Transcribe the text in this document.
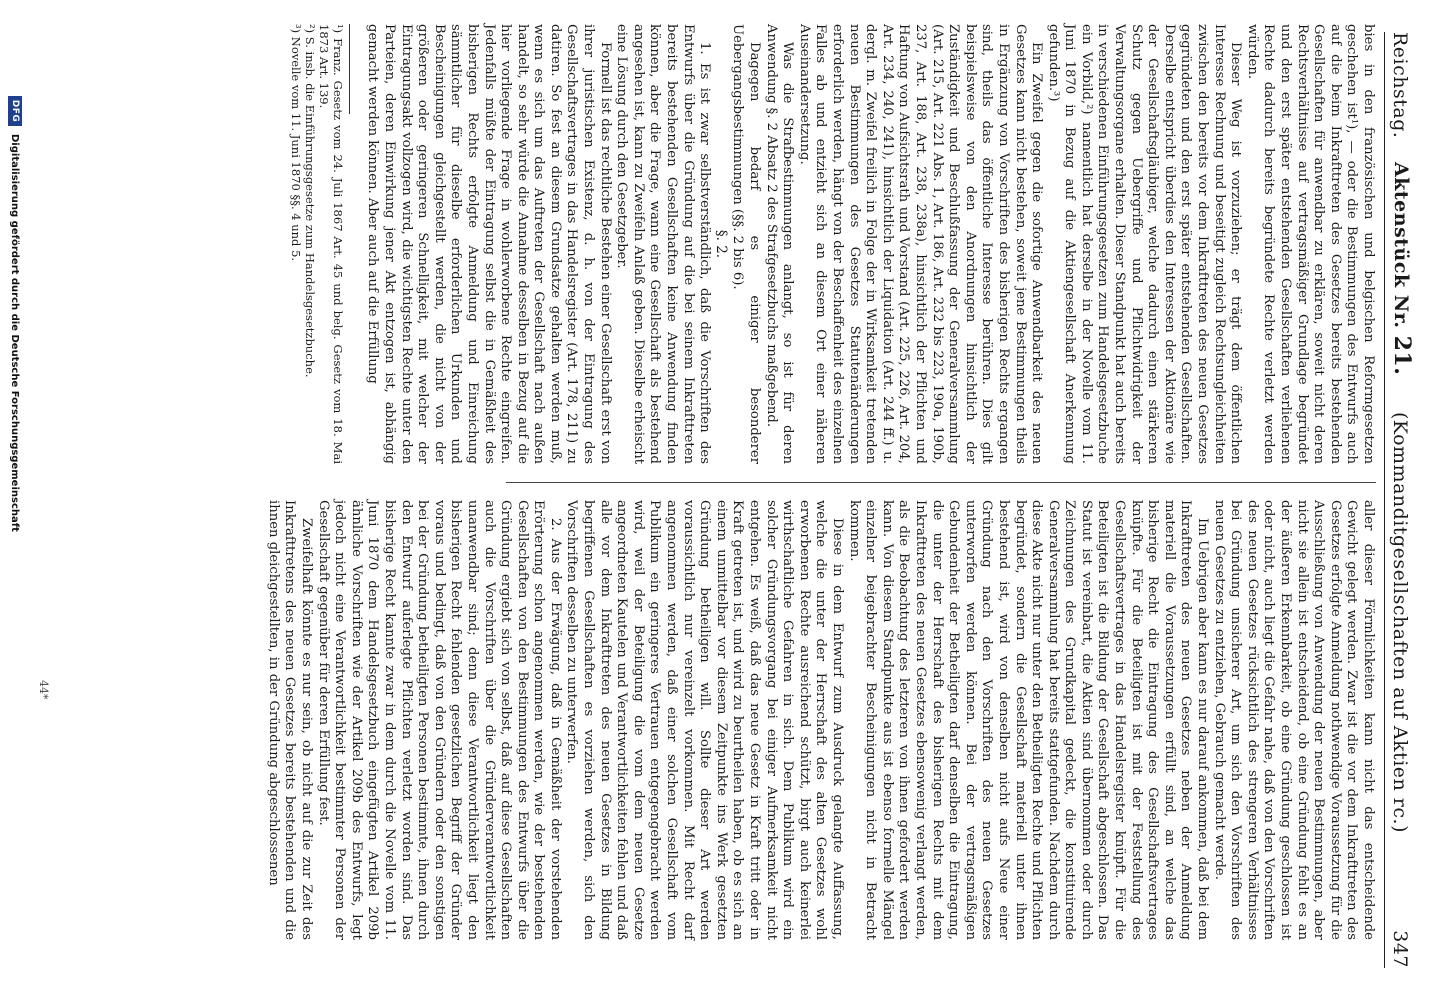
Reichstag.
Aktenstück Nr. 21.
(Kommanditgesellschaften auf Aktien rc.)
347

bies in den französischen und belgischen Reformgesetzen geschehen ist¹), — oder die Bestimmungen des Entwurfs auch auf die beim Inkrafttreten des Gesetzes bereits bestehenden Gesellschaften für anwendbar zu erklären, soweit nicht deren Rechtsverhältnisse auf vertragsmäßiger Grundlage begründet und den erst später entstehenden Gesellschaften verliehenen Rechte dadurch bereits begründete Rechte verletzt werden würden.

Dieser Weg ist vorzuziehen; er trägt dem öffentlichen Interesse Rechnung und beseitigt zugleich Rechtsungleichheiten zwischen den bereits vor dem Inkrafttreten des neuen Gesetzes gegründeten und den erst später entstehenden Gesellschaften. Derselbe entspricht überdies den Interessen der Aktionäre wie der Gesellschaftsgläubiger, welche dadurch einen stärkeren Schutz gegen Uebergriffe und Pflichtwidrigkeit der Verwaltungsorgane erhalten. Dieser Standpunkt hat auch bereits in verschiedenen Einführungsgesetzen zum Handelsgesetzbuche ein Vorbild,²) namentlich hat derselbe in der Novelle vom 11. Juni 1870 in Bezug auf die Aktiengesellschaft Anerkennung gefunden.³)

Ein Zweifel gegen die sofortige Anwendbarkeit des neuen Gesetzes kann nicht bestehen, soweit jene Bestimmungen theils in Ergänzung von Vorschriften des bisherigen Rechts ergangen sind, theils das öffentliche Interesse berühren. Dies gilt beispielsweise von den Anordnungen hinsichtlich der Zuständigkeit und Beschlußfassung der Generalversammlung (Art. 215, Art. 221 Abs. 1, Art. 186, Art. 232 bis 223, 190a, 190b, 237, Art. 188, Art. 238, 238a), hinsichtlich der Pflichten und Haftung von Aufsichtsrath und Vorstand (Art. 225, 226, Art. 204, Art. 234, 240, 241), hinsichtlich der Liquidation (Art. 244 ff.) u. dergl. m. Zweifel freilich in Folge der in Wirksamkeit tretenden neuen Bestimmungen des Gesetzes Statutenänderungen erforderlich werden, hängt von der Beschaffenheit des einzelnen Falles ab und entzieht sich an diesem Ort einer näheren Auseinandersetzung.

Was die Strafbestimmungen anlangt, so ist für deren Anwendung §. 2 Absatz 2 des Strafgesetzbuchs maßgebend.

Dagegen bedarf es einiger besonderer Uebergangsbestimmungen (§§. 2 bis 6).

§. 2.

1. Es ist zwar selbstverständlich, daß die Vorschriften des Entwurfs über die Gründung auf die bei seinem Inkrafttreten bereits bestehenden Gesellschaften keine Anwendung finden können, aber die Frage, wann eine Gesellschaft als bestehend angesehen ist, kann zu Zweifeln Anlaß geben. Dieselbe erheischt eine Lösung durch den Gesetzgeber.

Formell ist das rechtliche Bestehen einer Gesellschaft erst von ihrer juristischen Existenz, d. h. von der Eintragung des Gesellschaftsvertrages in das Handelsregister (Art. 178, 211) zu datiren. So fest an diesem Grundsatze gehalten werden muß, wenn es sich um das Auftreten der Gesellschaft nach außen handelt, so sehr würde die Annahme desselben in Bezug auf die hier vorliegende Frage in wohlerworbene Rechte eingreifen. Jedenfalls müßte der Eintragung selbst die in Gemäßheit des bisherigen Rechts erfolgte Anmeldung und Einreichung sämmtlicher für dieselbe erforderlichen Urkunden und Bescheinigungen gleichgestellt werden, die nicht von der größeren oder geringeren Schnelligkeit, mit welcher der Eintragungsakt vollzogen wird, die wichtigsten Rechte unter den Parteien, deren Einwirkung jener Akt entzogen ist, abhängig gemacht werden können. Aber auch auf die Erfüllung

¹) Franz. Gesetz vom 24. Juli 1867 Art. 45 und belg. Gesetz vom 18. Mai 1873 Art. 139.

²) S. insb. die Einführungsgesetze zum Handelsgesetzbuche.

³) Novelle vom 11. Juni 1870 §§. 4 und 5.

aller dieser Förmlichkeiten kann nicht das entscheidende Gewicht gelegt werden. Zwar ist die vor dem Inkrafttreten des Gesetzes erfolgte Anmeldung nothwendige Voraussetzung für die Ausschließung von Anwendung der neuen Bestimmungen, aber nicht sie allein ist entscheidend, ob eine Gründung fehlt es an der äußeren Erkennbarkeit, ob eine Gründung geschlossen ist oder nicht, auch liegt die Gefahr nahe, daß von den Vorschriften des neuen Gesetzes rücksichtlich des strengeren Verhältnisses bei Gründung unsicherer Art, um sich den Vorschriften des neuen Gesetzes zu entziehen, Gebrauch gemacht werde.

Im Uebrigen aber kann es nur darauf ankommen, daß bei dem Inkrafttreten des neuen Gesetzes neben der Anmeldung materiell die Voraussetzungen erfüllt sind, an welche das bisherige Recht die Eintragung des Gesellschaftsvertrages knüpfte. Für die Beteiligten ist mit der Feststellung des Gesellschaftsvertrages in das Handelsregister knüpft. Für die Beteiligten ist die Bildung der Gesellschaft abgeschlossen. Das Statut ist vereinbart, die Aktien sind übernommen oder durch Zeichnungen des Grundkapital gedeckt, die konstituirende Generalversammlung hat bereits stattgefunden. Nachdem durch diese Akte nicht nur unter den Betheiligten Rechte und Pflichten begründet, sondern die Gesellschaft materiell unter ihnen bestehend ist, wird von denselben nicht aufs Neue einer Gründung nach den Vorschriften des neuen Gesetzes unterworfen werden können. Bei der vertragsmäßigen Gebundenheit der Betheiligten darf denselben die Eintragung, die unter der Herrschaft des bisherigen Rechts mit dem Inkrafttreten des neuen Gesetzes ebensowenig verlangt werden, als die Beobachtung des letzteren von ihnen gefordert werden kann. Von diesem Standpunkte aus ist ebenso formelle Mängel einzelner beigebrachter Bescheinigungen nicht in Betracht kommen.

Diese in dem Entwurf zum Ausdruck gelangte Auffassung, welche die unter der Herrschaft des alten Gesetzes wohl erworbenen Rechte ausreichend schützt, birgt auch keinerlei wirthschaftliche Gefahren in sich. Dem Publikum wird ein solcher Gründungsvorgang bei einiger Aufmerksamkeit nicht entgehen. Es weiß, daß das neue Gesetz in Kraft tritt oder in Kraft getreten ist, und wird zu beurtheilen haben, ob es sich an einem unmittelbar vor diesem Zeitpunkte ins Werk gesetzten Gründung betheiligen will. Sollte dieser Art werden voraussichtlich nur vereinzelt vorkommen. Mit Recht darf angenommen werden, daß einer solchen Gesellschaft vom Publikum ein geringeres Vertrauen entgegengebracht werden wird, weil der Beteiligung die vom dem neuen Gesetze angeordneten Kautelen und Verantwortlichkeiten fehlen und daß alle vor dem Inkrafttreten des neuen Gesetzes in Bildung begriffenen Gesellschaften es vorziehen werden, sich den Vorschriften desselben zu unterwerfen.

2. Aus der Erwägung, daß in Gemäßheit der vorstehenden Erörterung schon angenommen werden, wie der bestehenden Gesellschaften von den Bestimmungen des Entwurfs über die Gründung ergiebt sich von selbst, daß auf diese Gesellschaften auch die Vorschriften über die Gründerverantwortlichkeit unanwendbar sind; denn diese Verantwortlichkeit liegt den bisherigen Recht fehlenden gesetzlichen Begriff der Gründer voraus und bedingt, daß von den Gründern oder den sonstigen bei der Gründung betheiligten Personen bestimmte, ihnen durch den Entwurf auferlegte Pflichten verletzt worden sind. Das bisherige Recht kannte zwar in dem durch die Novelle vom 11. Juni 1870 dem Handelsgesetzbuch eingefügten Artikel 209b ähnliche Vorschriften wie der Artikel 209b des Entwurfs, legt jedoch nicht eine Verantwortlichkeit bestimmter Personen der Gesellschaft gegenüber für deren Erfüllung fest.

Zweifelhaft könnte es nur sein, ob nicht auf die zur Zeit des Inkrafttretens des neuen Gesetzes bereits bestehenden und die ihnen gleichgestellten, in der Gründung abgeschlossenen

44*
DFG
Digitalisierung gefördert durch die Deutsche Forschungsgemeinschaft
